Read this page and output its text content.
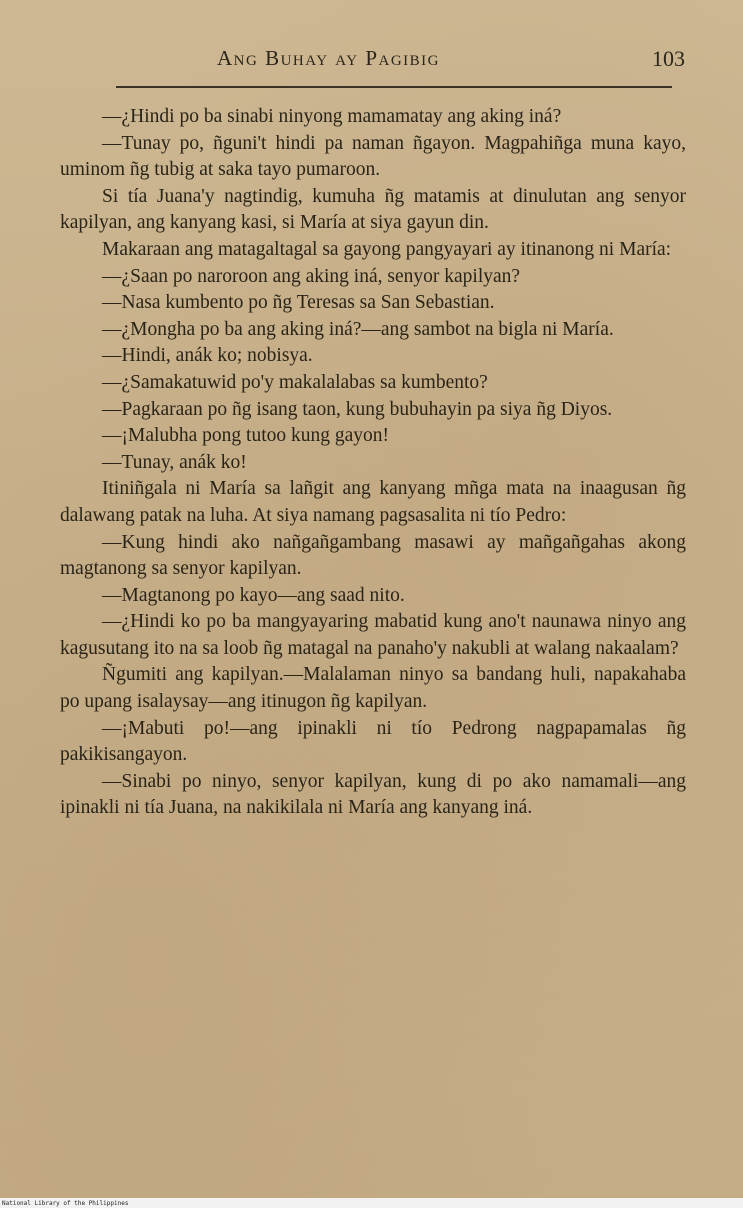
Ang Buhay ay Pagibig	103

—¿Hindi po ba sinabi ninyong mamamatay ang aking iná?

—Tunay po, ñguni't hindi pa naman ñgayon. Magpahiñga muna kayo, uminom ñg tubig at saka tayo pumaroon.

Si tía Juana'y nagtindig, kumuha ñg matamis at dinulutan ang senyor kapilyan, ang kanyang kasi, si María at siya gayun din.

Makaraan ang matagaltagal sa gayong pangyayari ay itinanong ni María:

—¿Saan po naroroon ang aking iná, senyor kapilyan?

—Nasa kumbento po ñg Teresas sa San Sebastian.

—¿Mongha po ba ang aking iná?—ang sambot na bigla ni María.

—Hindi, anák ko; nobisya.

—¿Samakatuwid po'y makalalabas sa kumbento?

—Pagkaraan po ñg isang taon, kung bubuhayin pa siya ñg Diyos.

—¡Malubha pong tutoo kung gayon!

—Tunay, anák ko!

Itiniñgala ni María sa lañgit ang kanyang mñga mata na inaagusan ñg dalawang patak na luha. At siya namang pagsasalita ni tío Pedro:

—Kung hindi ako nañgañgambang masawi ay mañgañgahas akong magtanong sa senyor kapilyan.

—Magtanong po kayo—ang saad nito.

—¿Hindi ko po ba mangyayaring mabatid kung ano't naunawa ninyo ang kagusutang ito na sa loob ñg matagal na panaho'y nakubli at walang nakaalam?

Ñgumiti ang kapilyan.—Malalaman ninyo sa bandang huli, napakahaba po upang isalaysay—ang itinugon ñg kapilyan.

—¡Mabuti po!—ang ipinakli ni tío Pedrong nagpapamalas ñg pakikisangayon.

—Sinabi po ninyo, senyor kapilyan, kung di po ako namamali—ang ipinakli ni tía Juana, na nakikilala ni María ang kanyang iná.

National Library of the Philippines
